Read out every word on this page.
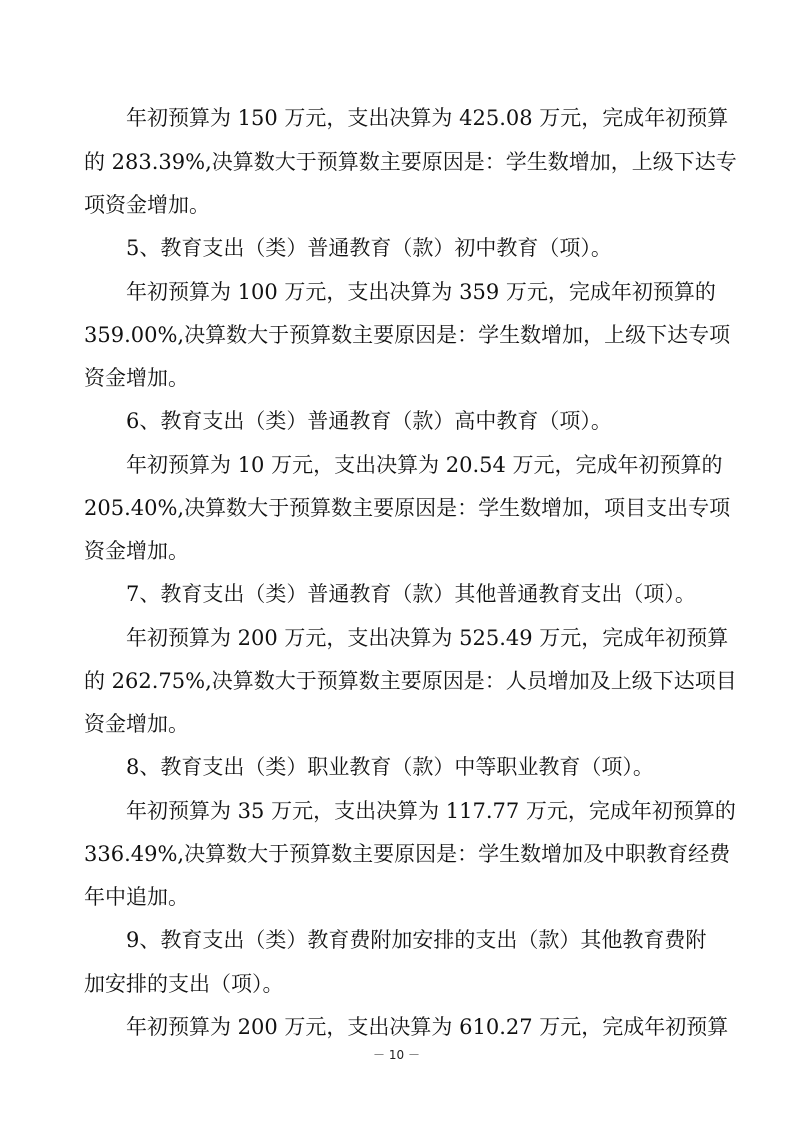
年初预算为 150 万元，支出决算为 425.08 万元，完成年初预算
的 283.39%,决算数大于预算数主要原因是：学生数增加，上级下达专
项资金增加。
5、教育支出（类）普通教育（款）初中教育（项）。
年初预算为 100 万元，支出决算为 359 万元，完成年初预算的
359.00%,决算数大于预算数主要原因是：学生数增加，上级下达专项
资金增加。
6、教育支出（类）普通教育（款）高中教育（项）。
年初预算为 10 万元，支出决算为 20.54 万元，完成年初预算的
205.40%,决算数大于预算数主要原因是：学生数增加，项目支出专项
资金增加。
7、教育支出（类）普通教育（款）其他普通教育支出（项）。
年初预算为 200 万元，支出决算为 525.49 万元，完成年初预算
的 262.75%,决算数大于预算数主要原因是：人员增加及上级下达项目
资金增加。
8、教育支出（类）职业教育（款）中等职业教育（项）。
年初预算为 35 万元，支出决算为 117.77 万元，完成年初预算的
336.49%,决算数大于预算数主要原因是：学生数增加及中职教育经费
年中追加。
9、教育支出（类）教育费附加安排的支出（款）其他教育费附
加安排的支出（项）。
年初预算为 200 万元，支出决算为 610.27 万元，完成年初预算
－ 10 －
